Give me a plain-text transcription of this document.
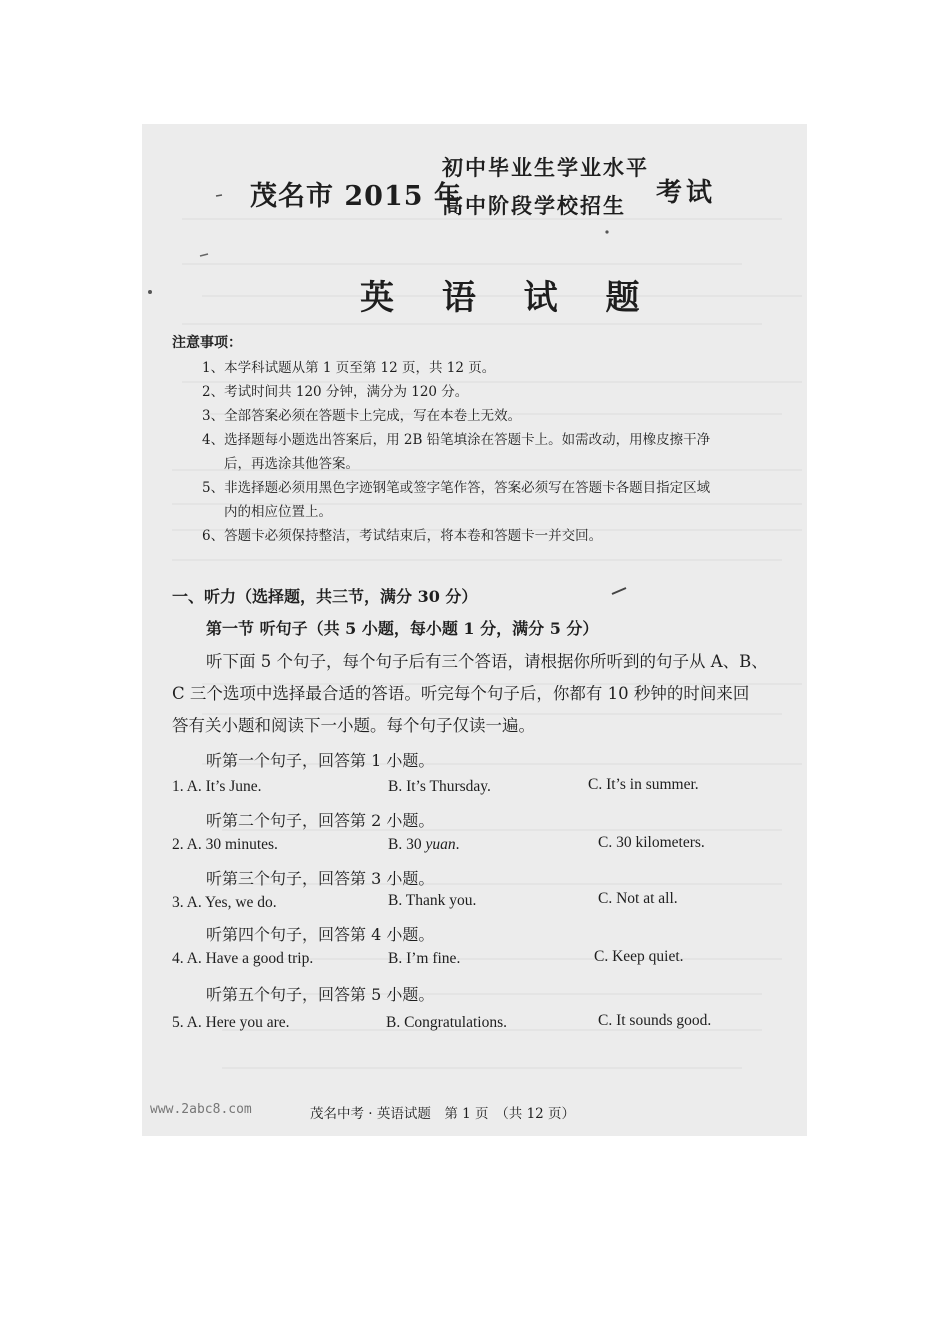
茂名市 2015 年
初中毕业生学业水平
高中阶段学校招生 考试
英 语 试 题
注意事项：
1、本学科试题从第 1 页至第 12 页，共 12 页。
2、考试时间共 120 分钟，满分为 120 分。
3、全部答案必须在答题卡上完成，写在本卷上无效。
4、选择题每小题选出答案后，用 2B 铅笔填涂在答题卡上。如需改动，用橡皮擦干净
后，再选涂其他答案。
5、非选择题必须用黑色字迹钢笔或签字笔作答，答案必须写在答题卡各题目指定区域
内的相应位置上。
6、答题卡必须保持整洁，考试结束后，将本卷和答题卡一并交回。
一、听力（选择题，共三节，满分 30 分）
第一节 听句子（共 5 小题，每小题 1 分，满分 5 分）
听下面 5 个句子，每个句子后有三个答语，请根据你所听到的句子从 A、B、
C 三个选项中选择最合适的答语。听完每个句子后，你都有 10 秒钟的时间来回
答有关小题和阅读下一小题。每个句子仅读一遍。
听第一个句子，回答第 1 小题。
1. A. It’s June.	B. It’s Thursday.	C. It’s in summer.
听第二个句子，回答第 2 小题。
2. A. 30 minutes.	B. 30 yuan.	C. 30 kilometers.
听第三个句子，回答第 3 小题。
3. A. Yes, we do.	B. Thank you.	C. Not at all.
听第四个句子，回答第 4 小题。
4. A. Have a good trip.	B. I’m fine.	C. Keep quiet.
听第五个句子，回答第 5 小题。
5. A. Here you are.	B. Congratulations.	C. It sounds good.
www.2abc8.com	茂名中考 · 英语试题　第 1 页　（共 12 页）
